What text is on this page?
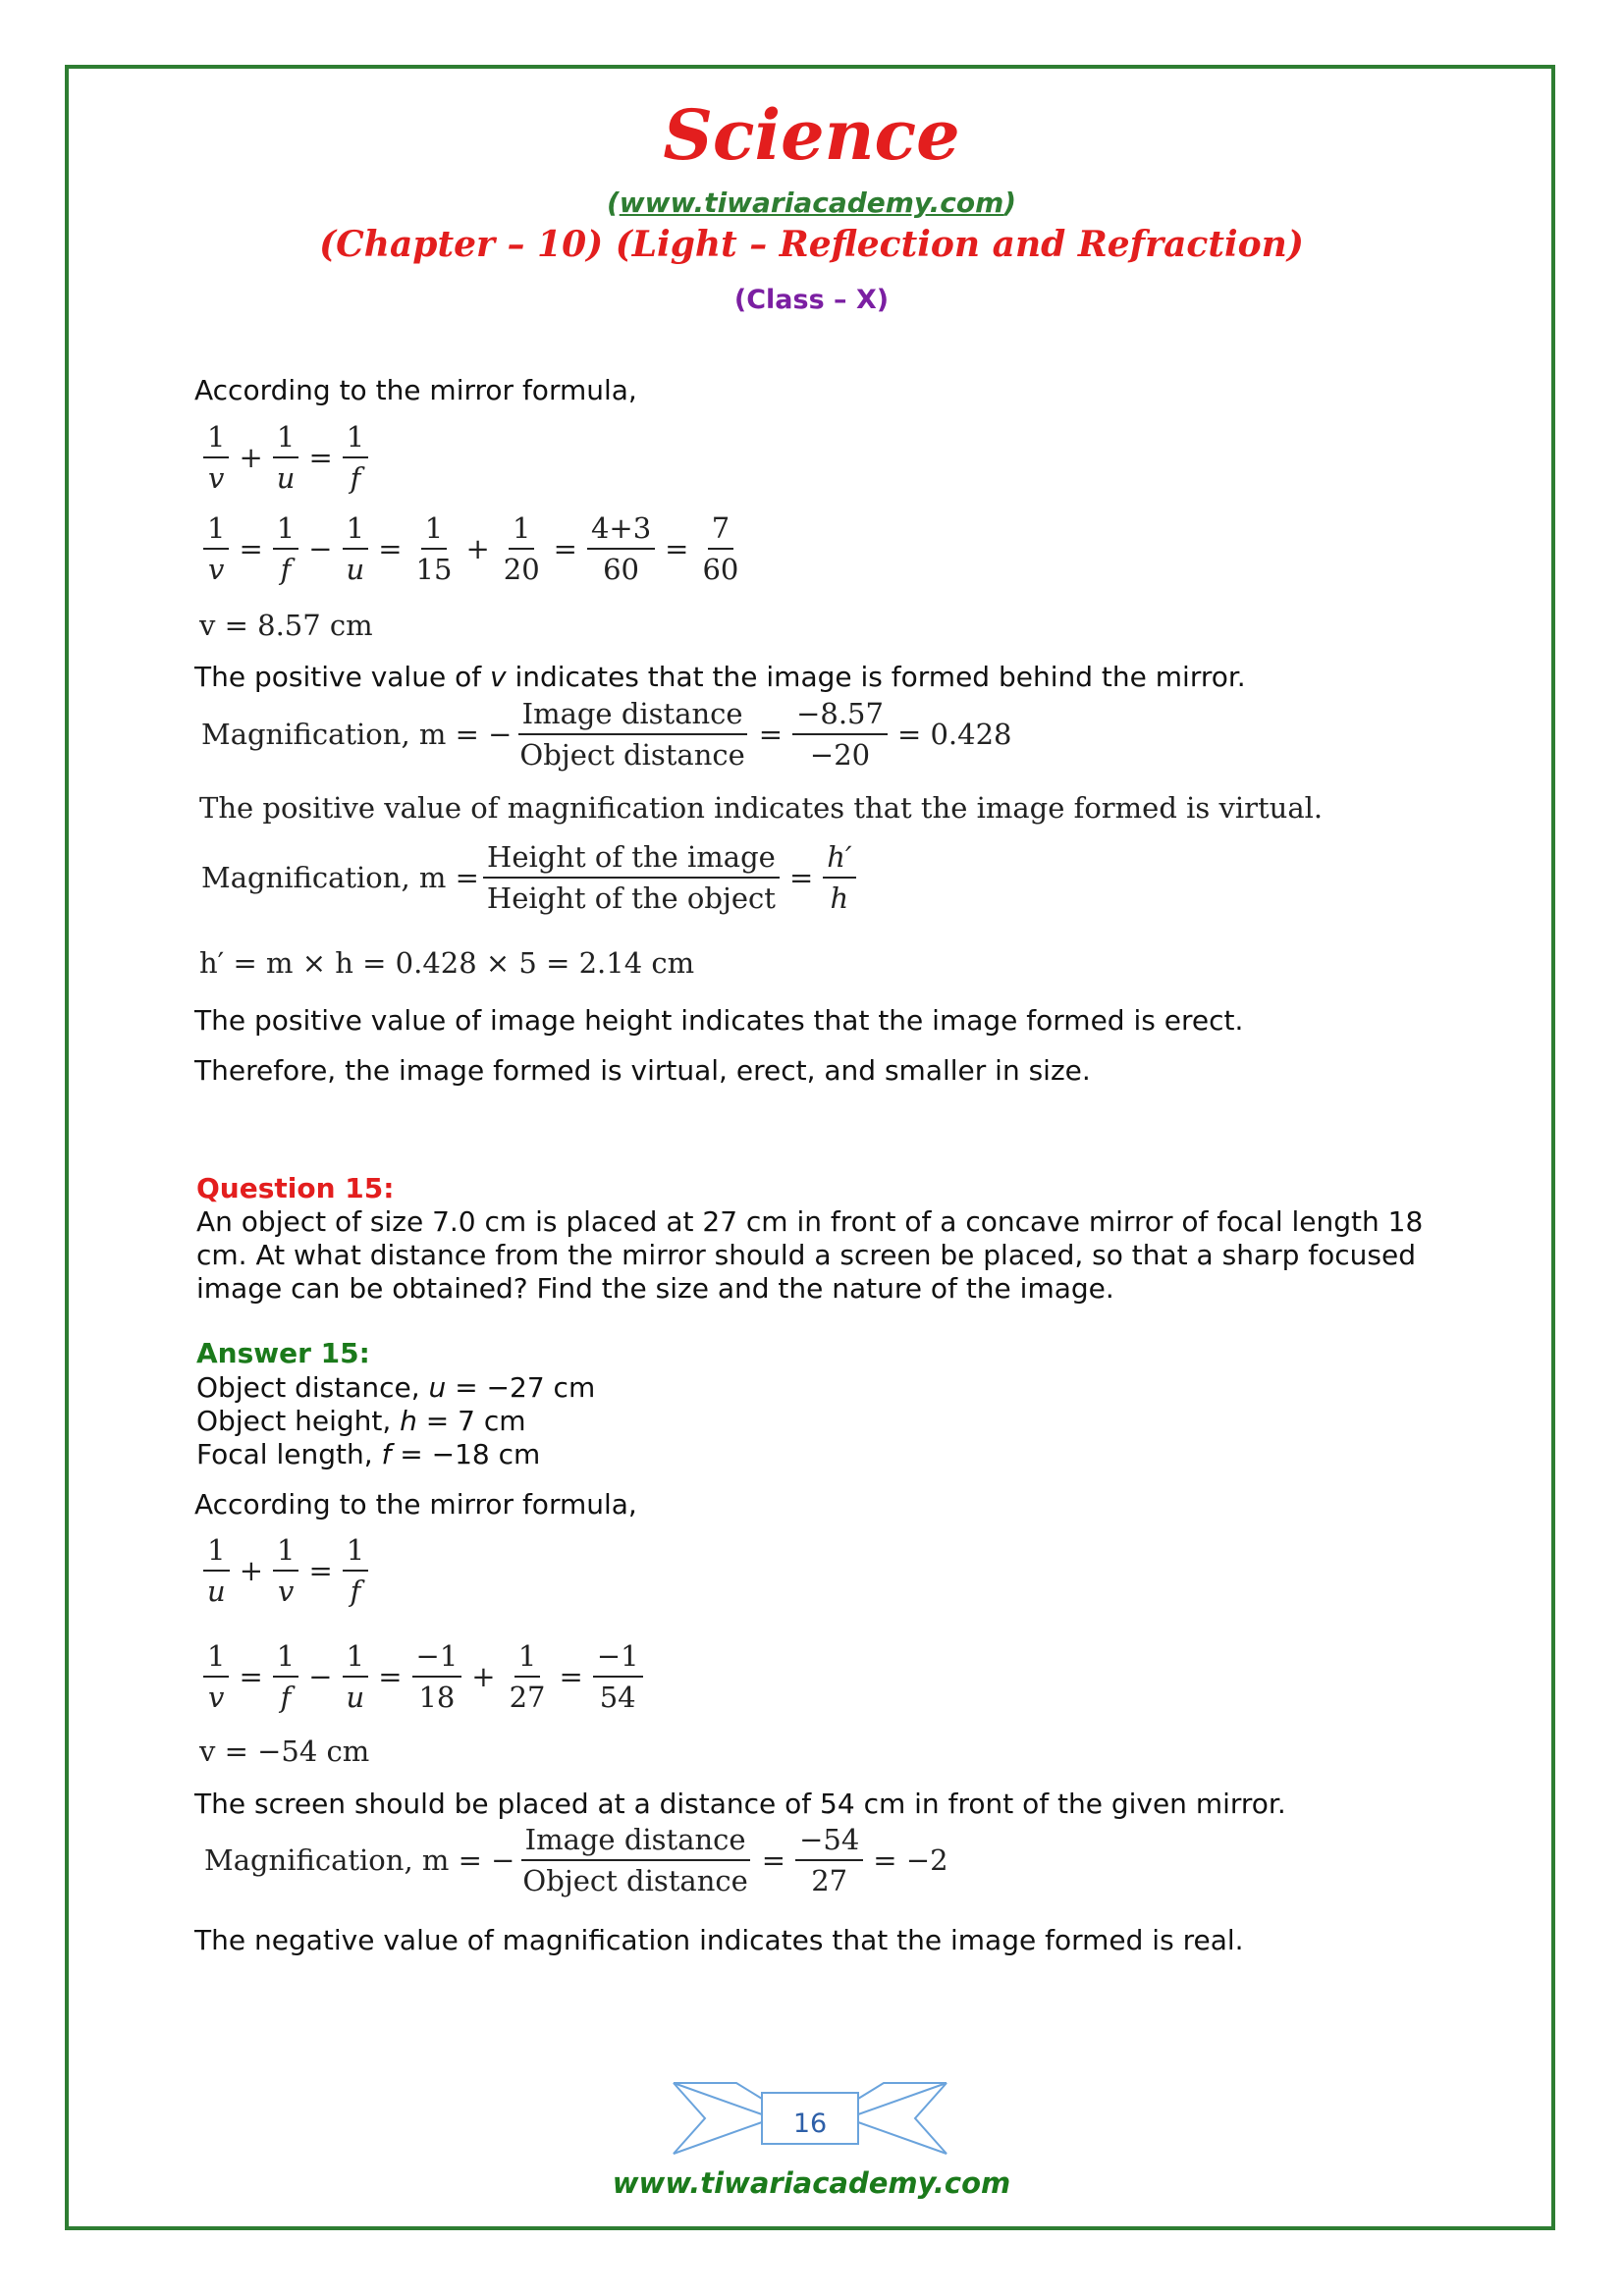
Science
(www.tiwariacademy.com)
(Chapter – 10) (Light – Reflection and Refraction)
(Class – X)
According to the mirror formula,
$\frac{1}{v} + \frac{1}{u} = \frac{1}{f}$
$\frac{1}{v} = \frac{1}{f} - \frac{1}{u} = \frac{1}{15} + \frac{1}{20} = \frac{4+3}{60} = \frac{7}{60}$
v = 8.57 cm
The positive value of v indicates that the image is formed behind the mirror.
Magnification, m = − $\frac{\text{Image distance}}{\text{Object distance}} = \frac{-8.57}{-20} = 0.428$
The positive value of magnification indicates that the image formed is virtual.
Magnification, $m = \frac{\text{Height of the image}}{\text{Height of the object}} = \frac{h'}{h}$
h′ = m × h = 0.428 × 5 = 2.14 cm
The positive value of image height indicates that the image formed is erect.
Therefore, the image formed is virtual, erect, and smaller in size.
Question 15:
An object of size 7.0 cm is placed at 27 cm in front of a concave mirror of focal length 18 cm. At what distance from the mirror should a screen be placed, so that a sharp focused image can be obtained? Find the size and the nature of the image.
Answer 15:
Object distance, u = −27 cm
Object height, h = 7 cm
Focal length, f = −18 cm
According to the mirror formula,
$\frac{1}{u} + \frac{1}{v} = \frac{1}{f}$
$\frac{1}{v} = \frac{1}{f} - \frac{1}{u} = \frac{-1}{18} + \frac{1}{27} = \frac{-1}{54}$
v = −54 cm
The screen should be placed at a distance of 54 cm in front of the given mirror.
Magnification, m = − $\frac{\text{Image distance}}{\text{Object distance}} = \frac{-54}{27} = -2$
The negative value of magnification indicates that the image formed is real.
16
www.tiwariacademy.com
